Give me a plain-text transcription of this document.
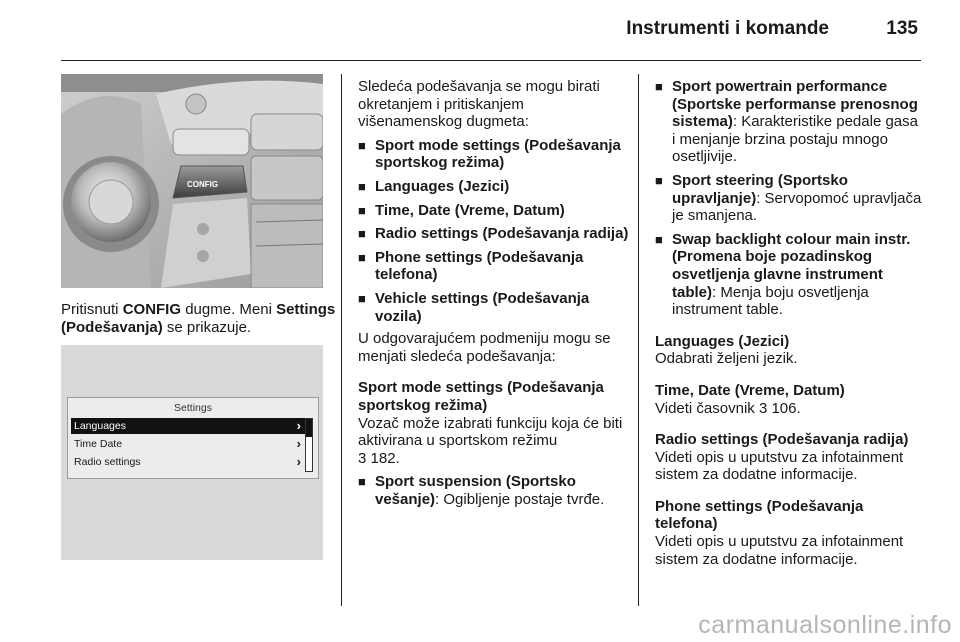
Instrumenti i komande	135
CONFIG

Pritisnuti CONFIG dugme. Meni Settings (Podešavanja) se prikazuje.

Settings
Languages	›
Time Date	›
Radio settings	›

Sledeća podešavanja se mogu birati okretanjem i pritiskanjem višenamenskog dugmeta:

■ Sport mode settings (Podešavanja sportskog režima)

■ Languages (Jezici)

■ Time, Date (Vreme, Datum)

■ Radio settings (Podešavanja radija)

■ Phone settings (Podešavanja telefona)

■ Vehicle settings (Podešavanja vozila)

U odgovarajućem podmeniju mogu se menjati sledeća podešavanja:

Sport mode settings (Podešavanja sportskog režima)

Vozač može izabrati funkciju koja će biti aktivirana u sportskom režimu
3 182.

■ Sport suspension (Sportsko vešanje): Ogibljenje postaje tvrđe.

■ Sport powertrain performance (Sportske performanse prenosnog sistema): Karakteristike pedale gasa i menjanje brzina postaju mnogo osetljivije.

■ Sport steering (Sportsko upravljanje): Servopomoć upravljača je smanjena.

■ Swap backlight colour main instr. (Promena boje pozadinskog osvetljenja glavne instrument table): Menja boju osvetljenja instrument table.

Languages (Jezici)

Odabrati željeni jezik.

Time, Date (Vreme, Datum)

Videti časovnik 3 106.

Radio settings (Podešavanja radija)

Videti opis u uputstvu za infotainment sistem za dodatne informacije.

Phone settings (Podešavanja telefona)

Videti opis u uputstvu za infotainment sistem za dodatne informacije.

carmanualsonline.info
